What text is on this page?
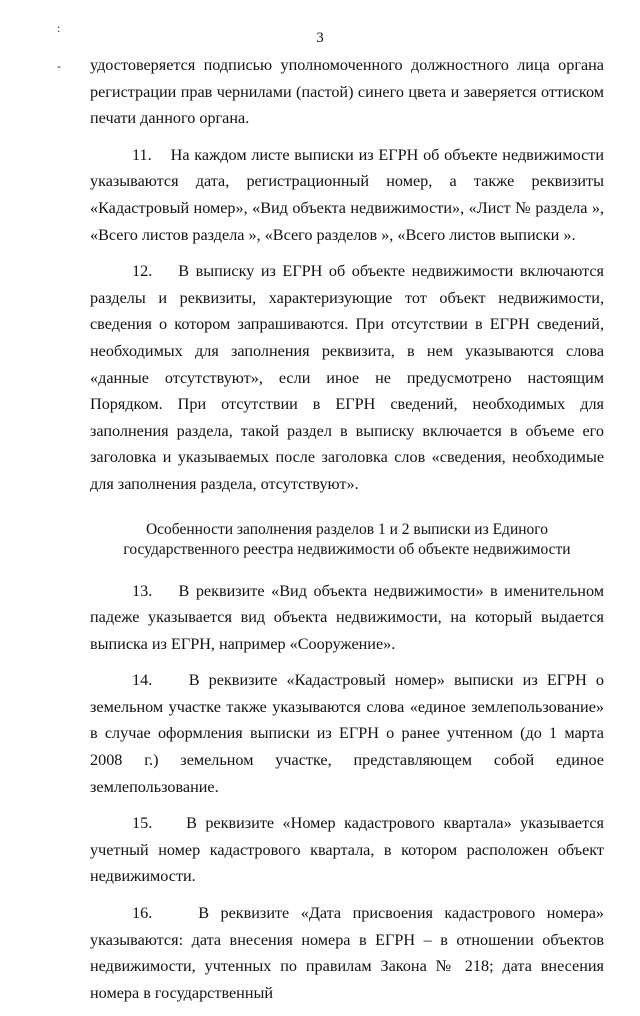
3
:
- удостоверяется подписью уполномоченного должностного лица органа регистрации прав чернилами (пастой) синего цвета и заверяется оттиском печати данного органа.

11. На каждом листе выписки из ЕГРН об объекте недвижимости указываются дата, регистрационный номер, а также реквизиты «Кадастровый номер», «Вид объекта недвижимости», «Лист № раздела », «Всего листов раздела », «Всего разделов », «Всего листов выписки ».

12. В выписку из ЕГРН об объекте недвижимости включаются разделы и реквизиты, характеризующие тот объект недвижимости, сведения о котором запрашиваются. При отсутствии в ЕГРН сведений, необходимых для заполнения реквизита, в нем указываются слова «данные отсутствуют», если иное не предусмотрено настоящим Порядком. При отсутствии в ЕГРН сведений, необходимых для заполнения раздела, такой раздел в выписку включается в объеме его заголовка и указываемых после заголовка слов «сведения, необходимые для заполнения раздела, отсутствуют».

Особенности заполнения разделов 1 и 2 выписки из Единого
государственного реестра недвижимости об объекте недвижимости

13. В реквизите «Вид объекта недвижимости» в именительном падеже указывается вид объекта недвижимости, на который выдается выписка из ЕГРН, например «Сооружение».

14. В реквизите «Кадастровый номер» выписки из ЕГРН о земельном участке также указываются слова «единое землепользование» в случае оформления выписки из ЕГРН о ранее учтенном (до 1 марта 2008 г.) земельном участке, представляющем собой единое землепользование.

15. В реквизите «Номер кадастрового квартала» указывается учетный номер кадастрового квартала, в котором расположен объект недвижимости.

16.	В реквизите «Дата присвоения кадастрового номера» указываются: дата внесения номера в ЕГРН – в отношении объектов недвижимости, учтенных по правилам Закона № 218; дата внесения номера в государственный
